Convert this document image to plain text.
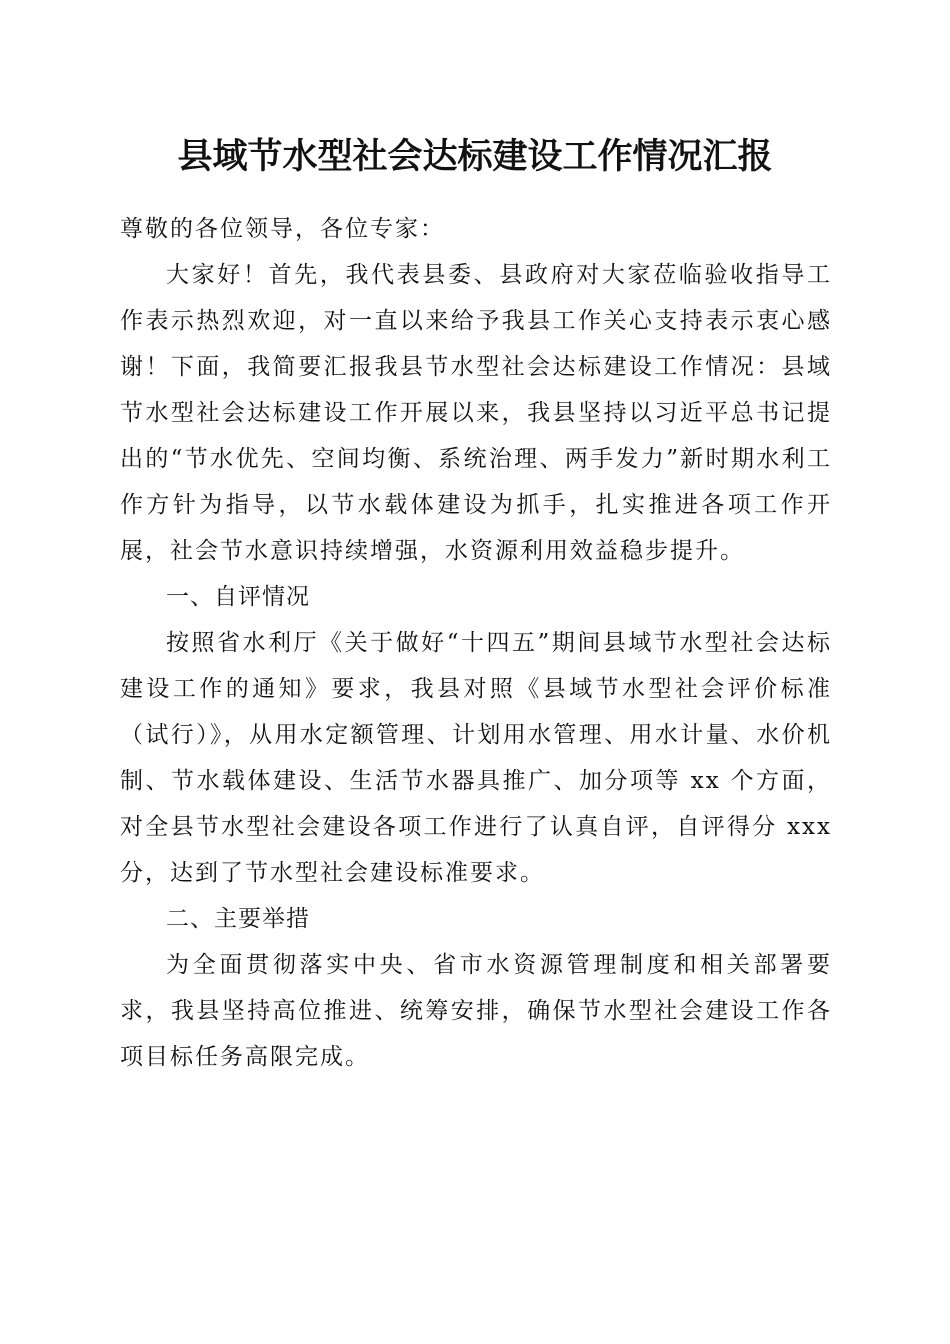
县域节水型社会达标建设工作情况汇报

尊敬的各位领导，各位专家：

大家好！首先，我代表县委、县政府对大家莅临验收指导工作表示热烈欢迎，对一直以来给予我县工作关心支持表示衷心感谢！下面，我简要汇报我县节水型社会达标建设工作情况：县域节水型社会达标建设工作开展以来，我县坚持以习近平总书记提出的“节水优先、空间均衡、系统治理、两手发力”新时期水利工作方针为指导，以节水载体建设为抓手，扎实推进各项工作开展，社会节水意识持续增强，水资源利用效益稳步提升。

一、自评情况

按照省水利厅《关于做好“十四五”期间县域节水型社会达标建设工作的通知》要求，我县对照《县域节水型社会评价标准（试行）》，从用水定额管理、计划用水管理、用水计量、水价机制、节水载体建设、生活节水器具推广、加分项等 xx 个方面，对全县节水型社会建设各项工作进行了认真自评，自评得分 xxx 分，达到了节水型社会建设标准要求。

二、主要举措

为全面贯彻落实中央、省市水资源管理制度和相关部署要求，我县坚持高位推进、统筹安排，确保节水型社会建设工作各项目标任务高限完成。
